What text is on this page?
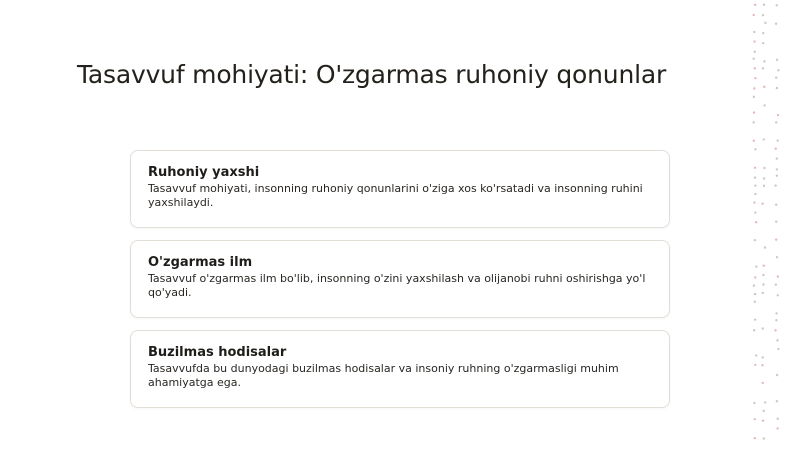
Tasavvuf mohiyati: O'zgarmas ruhoniy qonunlar
Ruhoniy yaxshi
Tasavvuf mohiyati, insonning ruhoniy qonunlarini o'ziga xos ko'rsatadi va insonning ruhini yaxshilaydi.
O'zgarmas ilm
Tasavvuf o'zgarmas ilm bo'lib, insonning o'zini yaxshilash va olijanobi ruhni oshirishga yo'l qo'yadi.
Buzilmas hodisalar
Tasavvufda bu dunyodagi buzilmas hodisalar va insoniy ruhning o'zgarmasligi muhim ahamiyatga ega.
